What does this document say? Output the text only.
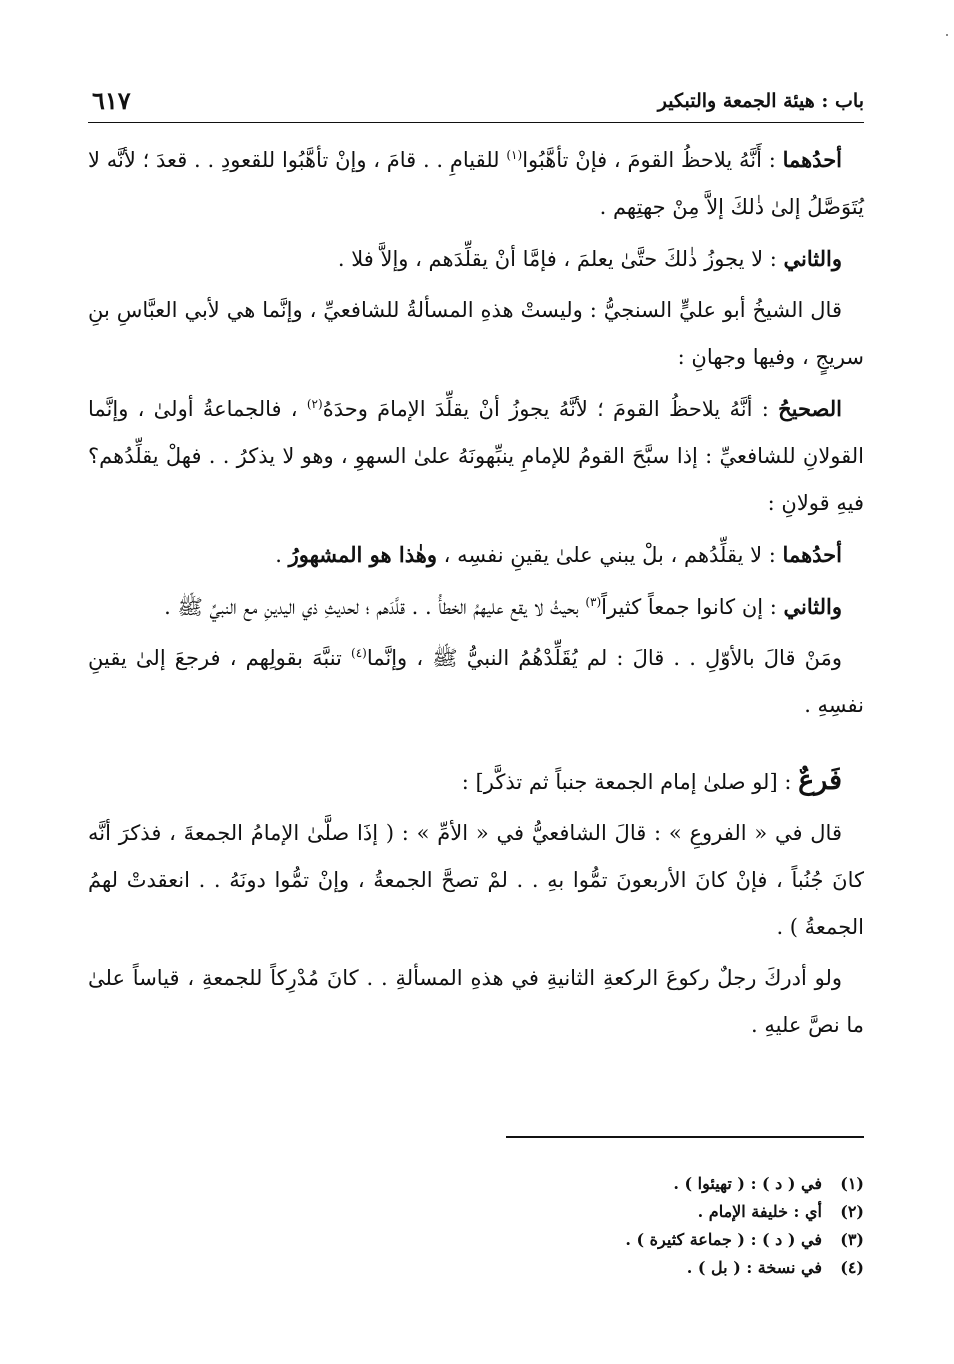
باب : هيئة الجمعة والتبكير
٦١٧

أحدُهما : أَنَّهُ يلاحظُ القومَ ، فإنْ تأهَّبُوا$^{(١)}$ للقيامِ . . قامَ ، وإنْ تأهَّبُوا للقعودِ . . قعدَ ؛ لأنَّه لا يُتَوَصَّلُ إلىٰ ذٰلكَ إلاَّ مِنْ جهتِهم .

والثاني : لا يجوزُ ذٰلكَ حتَّىٰ يعلمَ ، فإمَّا أنْ يقلِّدَهم ، وإلاَّ فلا .

قال الشيخُ أبو عليٍّ السنجيُّ : وليستْ هذهِ المسألةُ للشافعيِّ ، وإنَّما هي لأبي العبَّاسِ بنِ سريجٍ ، وفيها وجهانِ :

الصحيحُ : أنَّهُ يلاحظُ القومَ ؛ لأنَّهُ يجوزُ أنْ يقلِّدَ الإمامَ وحدَهُ$^{(٢)}$ ، فالجماعةُ أولىٰ ، وإنَّما القولانِ للشافعيِّ : إذا سبَّحَ القومُ للإمامِ ينبِّهونَهُ علىٰ السهوِ ، وهو لا يذكرُ . . فهلْ يقلِّدُهم؟ فيهِ قولانِ :

أحدُهما : لا يقلِّدُهم ، بلْ يبني علىٰ يقينِ نفسِه ، وهٰذا هو المشهورُ .

والثاني : إن كانوا جمعاً كثيراً$^{(٣)}$ بحيثُ لا يقع عليهمُ الخطأُ . . قلَّدَهم ؛ لحديثِ ذي اليدينِ مع النبيِّ ﷺ .

ومَنْ قالَ بالأوّلِ . . قالَ : لم يُقَلِّدْهُمُ النبيُّ ﷺ ، وإنَّما$^{(٤)}$ تنبَّهَ بقولِهم ، فرجعَ إلىٰ يقينِ نفسِهِ .

فَرعٌ : [لو صلىٰ إمام الجمعة جنباً ثم تذكَّر] :

قال في « الفروعِ » : قالَ الشافعيُّ في « الأمِّ » : ( إذَا صلَّىٰ الإمامُ الجمعةَ ، فذكرَ أنَّه كانَ جُنُباً ، فإنْ كانَ الأربعونَ تمُّوا بهِ . . لمْ تصحَّ الجمعةُ ، وإنْ تمُّوا دونَهُ . . انعقدتْ لهمُ الجمعةُ ) .

ولو أدركَ رجلٌ ركوعَ الركعةِ الثانيةِ في هذهِ المسألةِ . . كانَ مُدْرِكاً للجمعةِ ، قياساً علىٰ ما نصَّ عليهِ .

(١)في ( د ) : ( تهيئوا ) .
(٢)أي : خليفة الإمام .
(٣)في ( د ) : ( جماعة كثيرة ) .
(٤)في نسخة : ( بل ) .
